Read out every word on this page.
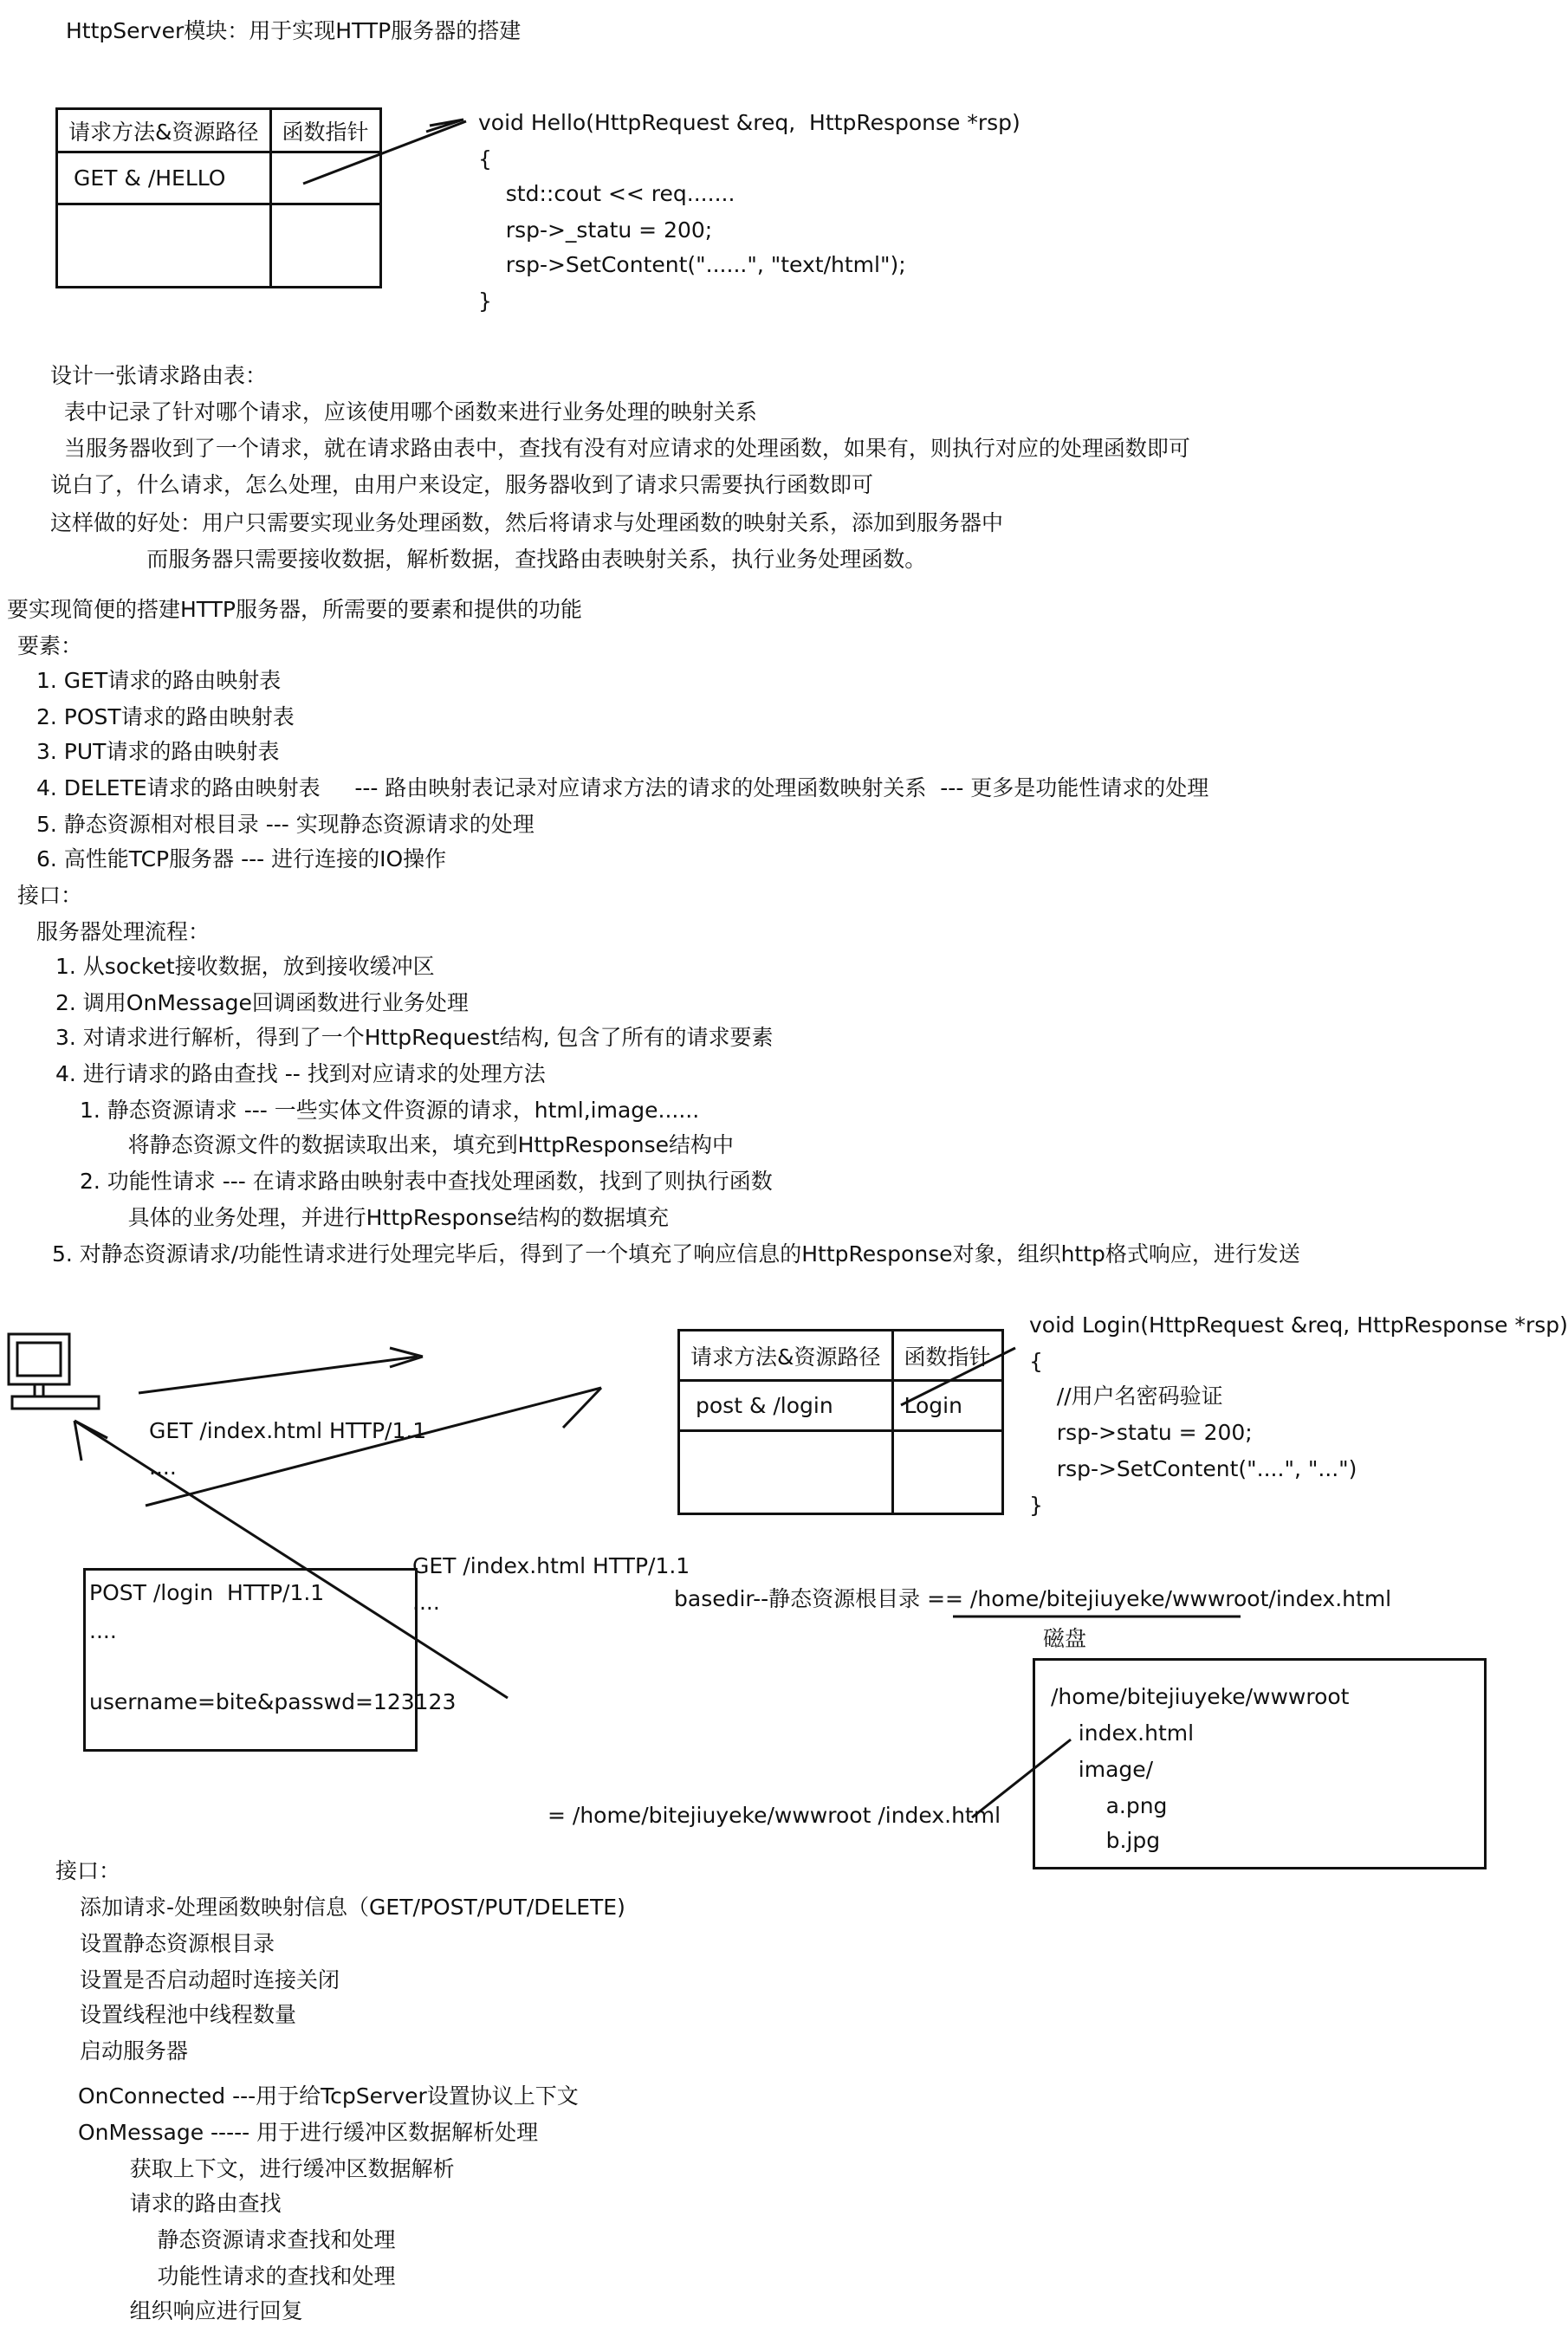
HttpServer模块：用于实现HTTP服务器的搭建
请求方法&资源路径	函数指针
GET & /HELLO	

void Hello(HttpRequest &req,  HttpResponse *rsp)
{
std::cout << req.......
rsp->_statu = 200;
rsp->SetContent("......", "text/html");
}
设计一张请求路由表：
表中记录了针对哪个请求，应该使用哪个函数来进行业务处理的映射关系
当服务器收到了一个请求，就在请求路由表中，查找有没有对应请求的处理函数，如果有，则执行对应的处理函数即可
说白了，什么请求，怎么处理，由用户来设定，服务器收到了请求只需要执行函数即可
这样做的好处：用户只需要实现业务处理函数，然后将请求与处理函数的映射关系，添加到服务器中
而服务器只需要接收数据，解析数据，查找路由表映射关系，执行业务处理函数。
要实现简便的搭建HTTP服务器，所需要的要素和提供的功能
要素：
1. GET请求的路由映射表
2. POST请求的路由映射表
3. PUT请求的路由映射表
4. DELETE请求的路由映射表     --- 路由映射表记录对应请求方法的请求的处理函数映射关系  --- 更多是功能性请求的处理
5. 静态资源相对根目录 --- 实现静态资源请求的处理
6. 高性能TCP服务器 --- 进行连接的IO操作
接口：
服务器处理流程：
1. 从socket接收数据，放到接收缓冲区
2. 调用OnMessage回调函数进行业务处理
3. 对请求进行解析，得到了一个HttpRequest结构, 包含了所有的请求要素
4. 进行请求的路由查找 -- 找到对应请求的处理方法
1. 静态资源请求 --- 一些实体文件资源的请求，html,image......
将静态资源文件的数据读取出来，填充到HttpResponse结构中
2. 功能性请求 --- 在请求路由映射表中查找处理函数，找到了则执行函数
具体的业务处理，并进行HttpResponse结构的数据填充
5. 对静态资源请求/功能性请求进行处理完毕后，得到了一个填充了响应信息的HttpResponse对象，组织http格式响应，进行发送
GET /index.html HTTP/1.1
....
GET /index.html HTTP/1.1
....
POST /login  HTTP/1.1
....
username=bite&passwd=123123
请求方法&资源路径	函数指针
post & /login	Login

void Login(HttpRequest &req, HttpResponse *rsp)
{
//用户名密码验证
rsp->statu = 200;
rsp->SetContent("....", "...")
}
basedir--静态资源根目录 == /home/bitejiuyeke/wwwroot/index.html
磁盘
/home/bitejiuyeke/wwwroot
index.html
image/
a.png
b.jpg
= /home/bitejiuyeke/wwwroot /index.html
接口：
添加请求-处理函数映射信息（GET/POST/PUT/DELETE)
设置静态资源根目录
设置是否启动超时连接关闭
设置线程池中线程数量
启动服务器
OnConnected ---用于给TcpServer设置协议上下文
OnMessage ----- 用于进行缓冲区数据解析处理
获取上下文，进行缓冲区数据解析
请求的路由查找
静态资源请求查找和处理
功能性请求的查找和处理
组织响应进行回复
